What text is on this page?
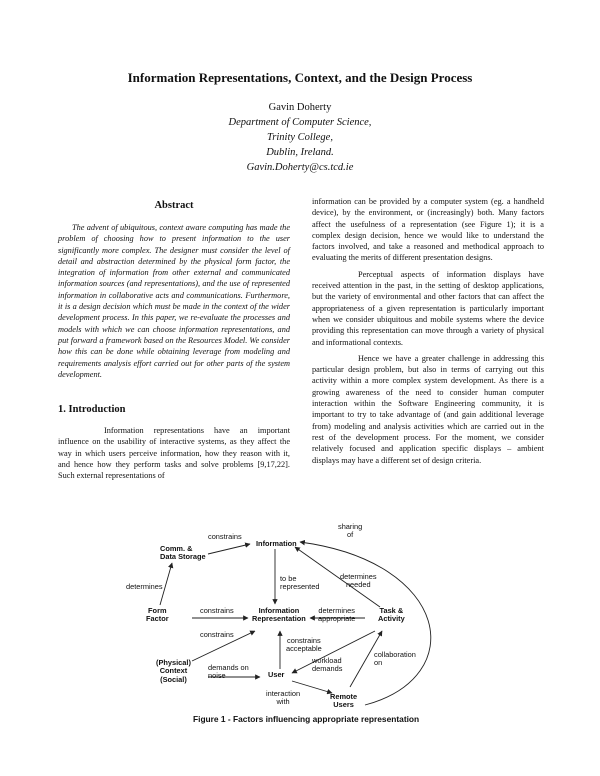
Information Representations, Context, and the Design Process
Gavin Doherty
Department of Computer Science,
Trinity College,
Dublin, Ireland.
Gavin.Doherty@cs.tcd.ie
Abstract

The advent of ubiquitous, context aware computing has made the problem of choosing how to present information to the user significantly more complex. The designer must consider the level of detail and abstraction determined by the physical form factor, the integration of information from other external and communicated information sources (and representations), and the use of represented information in collaborative acts and communications. Furthermore, it is a design decision which must be made in the context of the wider development process. In this paper, we re-evaluate the processes and models with which we can choose information representations, and put forward a framework based on the Resources Model. We consider how this can be done while obtaining leverage from modeling and requirements analysis effort carried out for other parts of the system development.

1. Introduction

Information representations have an important influence on the usability of interactive systems, as they affect the way in which users perceive information, how they reason with it, and hence how they perform tasks and solve problems [9,17,22]. Such external representations of

information can be provided by a computer system (eg. a handheld device), by the environment, or (increasingly) both. Many factors affect the usefulness of a representation (see Figure 1); it is a complex design decision, hence we would like to understand the factors involved, and take a reasoned and methodical approach to evaluating the merits of different presentation designs.

Perceptual aspects of information displays have received attention in the past, in the setting of desktop applications, but the variety of environmental and other factors that can affect the appropriateness of a given representation is particularly important when we consider ubiquitous and mobile systems where the device providing this representation can move through a variety of physical and informational contexts.

Hence we have a greater challenge in addressing this particular design problem, but also in terms of carrying out this activity within a more complex system development. As there is a growing awareness of the need to consider human computer interaction within the Software Engineering community, it is important to try to take advantage of (and gain additional leverage from) modeling and analysis activities which are carried out in the rest of the development process. For the moment, we consider relatively focused and application specific displays – ambient displays may have a different set of design criteria.

Comm. &
Data Storage
Information
Form
Factor
Information
Representation
Task &
Activity
(Physical)
Context
(Social)
User
Remote
Users
constrains
sharing
of
determines
to be
represented
determines
needed
constrains	determines
appropriate
constrains
constrains
acceptable
demands on
noise
workload
demands
collaboration
on
interaction
with
Figure 1 - Factors influencing appropriate representation
